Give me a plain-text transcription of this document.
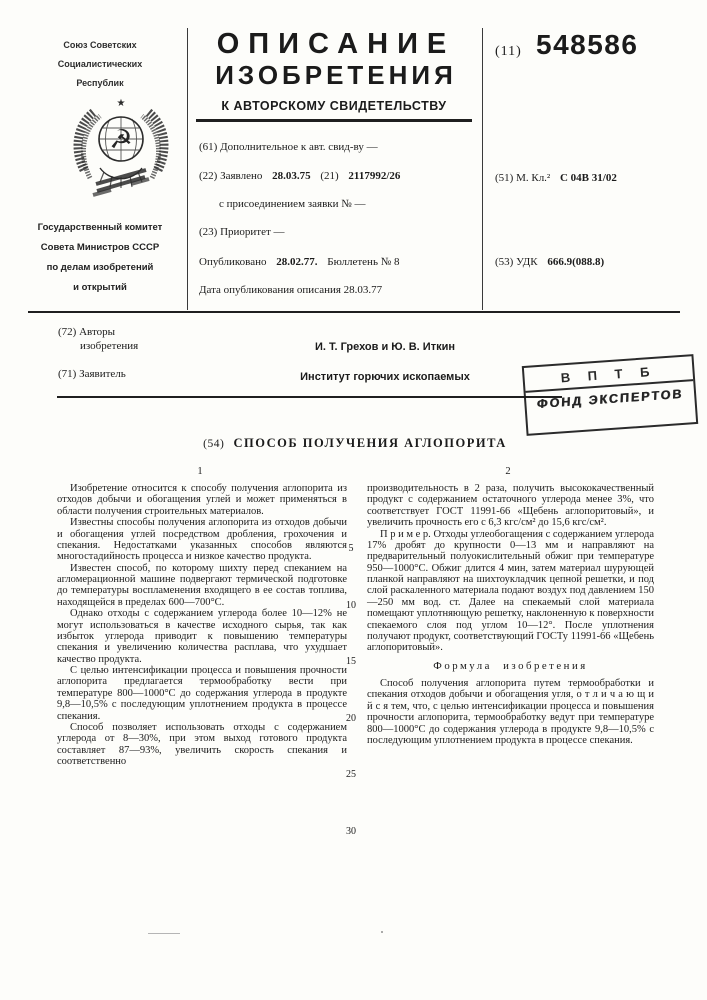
Союз Советских
Социалистических
Республик
★
☭
Государственный комитет
Совета Министров СССР
по делам изобретений
и открытий
ОПИСАНИЕ
ИЗОБРЕТЕНИЯ
К АВТОРСКОМУ СВИДЕТЕЛЬСТВУ
(61) Дополнительное к авт. свид-ву —
(22) Заявлено 28.03.75 (21) 2117992/26
с присоединением заявки № —
(23) Приоритет —
Опубликовано 28.02.77. Бюллетень № 8
Дата опубликования описания 28.03.77
(11) 548586
(51) М. Кл.² С 04В 31/02
(53) УДК 666.9(088.8)
(72) Авторы
изобретения	И. Т. Грехов и Ю. В. Иткин
(71) Заявитель	Институт горючих ископаемых	В П Т Б
ФОНД ЭКСПЕРТОВ
(54) СПОСОБ ПОЛУЧЕНИЯ АГЛОПОРИТА
1	2

Изобретение относится к способу получения аглопорита из отходов добычи и обогащения углей и может применяться в области получения строительных материалов.

Известны способы получения аглопорита из отходов добычи и обогащения углей посредством дробления, грохочения и спекания. Недостатками указанных способов являются многостадийность процесса и низкое качество продукта.

Известен способ, по которому шихту перед спеканием на агломерационной машине подвергают термической подготовке до температуры воспламенения входящего в ее состав топлива, находящейся в пределах 600—700°С.

Однако отходы с содержанием углерода более 10—12% не могут использоваться в качестве исходного сырья, так как избыток углерода приводит к повышению температуры спекания и увеличению количества расплава, что ухудшает качество продукта.

С целью интенсификации процесса и повышения прочности аглопорита предлагается термообработку вести при температуре 800—1000°С до содержания углерода в продукте 9,8—10,5% с последующим уплотнением продукта в процессе спекания.

Способ позволяет использовать отходы с содержанием углерода от 8—30%, при этом выход готового продукта составляет 87—93%, увеличить скорость спекания и соответственно

производительность в 2 раза, получить высококачественный продукт с содержанием остаточного углерода менее 3%, что соответствует ГОСТ 11991-66 «Щебень аглопоритовый», и увеличить прочность его с 6,3 кгс/см² до 15,6 кгс/см².

П р и м е р. Отходы углеобогащения с содержанием углерода 17% дробят до крупности 0—13 мм и направляют на предварительный полуокислительный обжиг при температуре 950—1000°С. Обжиг длится 4 мин, затем материал шурующей планкой направляют на шихтоукладчик цепной решетки, и под слой раскаленного материала подают воздух под давлением 150—250 мм вод. ст. Далее на спекаемый слой материала помещают уплотняющую решетку, наклоненную к поверхности спекаемого слоя под углом 10—12°. После уплотнения получают продукт, соответствующий ГОСТу 11991-66 «Щебень аглопоритовый».

Формула изобретения

Способ получения аглопорита путем термообработки и спекания отходов добычи и обогащения угля, о т л и ч а ю щ и й с я тем, что, с целью интенсификации процесса и повышения прочности аглопорита, термообработку ведут при температуре 800—1000°С до содержания углерода в продукте 9,8—10,5% с последующим уплотнением продукта в процессе спекания.

5
10
15
20
25
30
